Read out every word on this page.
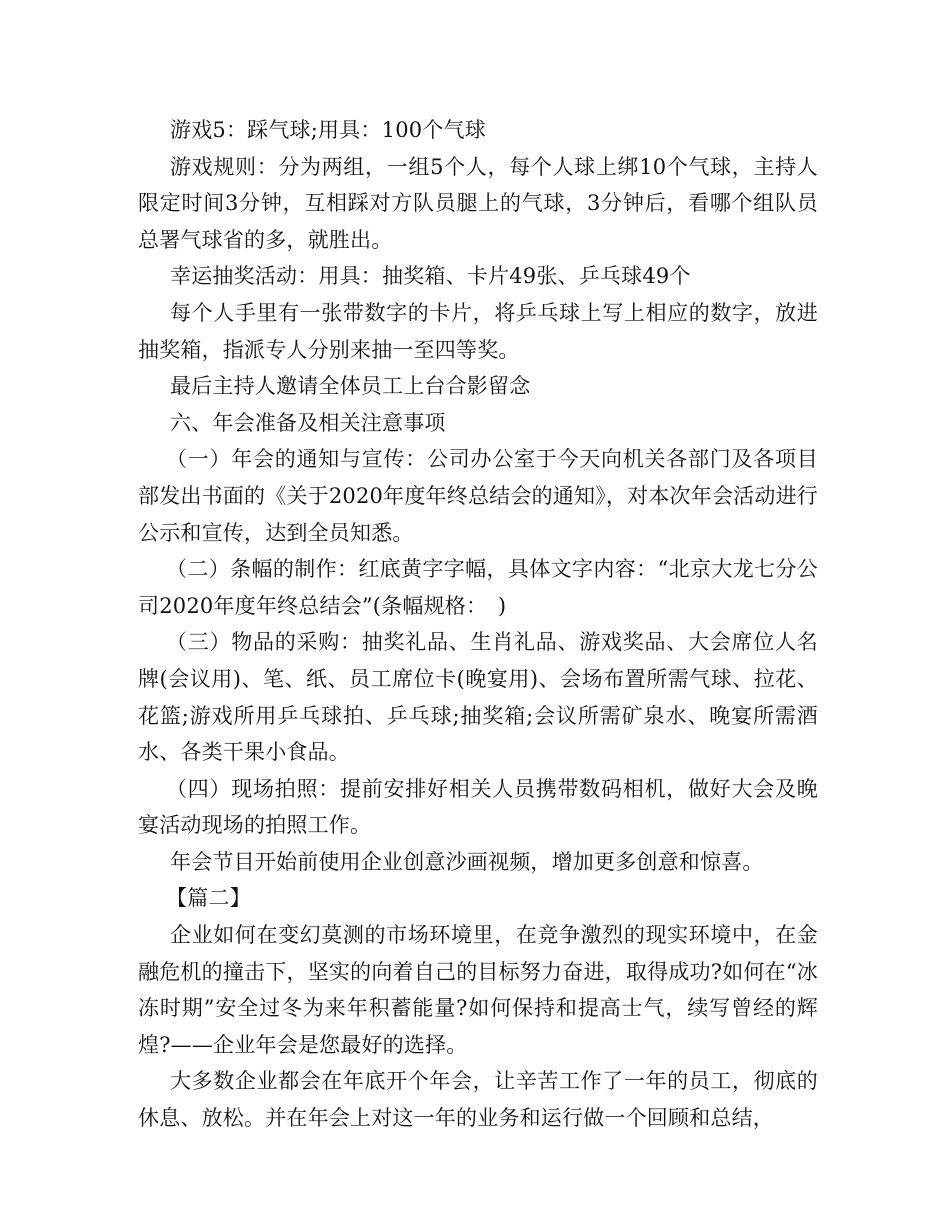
游戏5：踩气球;用具：100个气球

游戏规则：分为两组，一组5个人，每个人球上绑10个气球，主持人限定时间3分钟，互相踩对方队员腿上的气球，3分钟后，看哪个组队员总署气球省的多，就胜出。

幸运抽奖活动：用具：抽奖箱、卡片49张、乒乓球49个

每个人手里有一张带数字的卡片，将乒乓球上写上相应的数字，放进抽奖箱，指派专人分别来抽一至四等奖。

最后主持人邀请全体员工上台合影留念

六、年会准备及相关注意事项

（一）年会的通知与宣传：公司办公室于今天向机关各部门及各项目部发出书面的《关于2020年度年终总结会的通知》，对本次年会活动进行公示和宣传，达到全员知悉。

（二）条幅的制作：红底黄字字幅，具体文字内容：“北京大龙七分公司2020年度年终总结会”(条幅规格：　)

（三）物品的采购：抽奖礼品、生肖礼品、游戏奖品、大会席位人名牌(会议用)、笔、纸、员工席位卡(晚宴用)、会场布置所需气球、拉花、花篮;游戏所用乒乓球拍、乒乓球;抽奖箱;会议所需矿泉水、晚宴所需酒水、各类干果小食品。

（四）现场拍照：提前安排好相关人员携带数码相机，做好大会及晚宴活动现场的拍照工作。

年会节目开始前使用企业创意沙画视频，增加更多创意和惊喜。

【篇二】

企业如何在变幻莫测的市场环境里，在竞争激烈的现实环境中，在金融危机的撞击下，坚实的向着自己的目标努力奋进，取得成功?如何在“冰冻时期”安全过冬为来年积蓄能量?如何保持和提高士气，续写曾经的辉煌?——企业年会是您最好的选择。

大多数企业都会在年底开个年会，让辛苦工作了一年的员工，彻底的休息、放松。并在年会上对这一年的业务和运行做一个回顾和总结，
